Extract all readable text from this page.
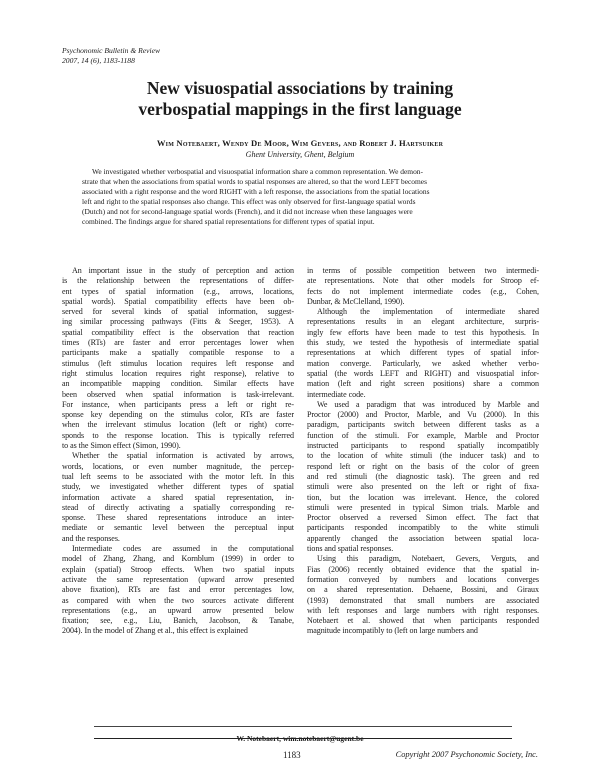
Psychonomic Bulletin & Review
2007, 14 (6), 1183-1188
New visuospatial associations by training
verbospatial mappings in the first language
Wim Notebaert, Wendy De Moor, Wim Gevers, and Robert J. Hartsuiker
Ghent University, Ghent, Belgium
We investigated whether verbospatial and visuospatial information share a common representation. We demon-
strate that when the associations from spatial words to spatial responses are altered, so that the word LEFT becomes
associated with a right response and the word RIGHT with a left response, the associations from the spatial locations
left and right to the spatial responses also change. This effect was only observed for first-language spatial words
(Dutch) and not for second-language spatial words (French), and it did not increase when these languages were
combined. The findings argue for shared spatial representations for different types of spatial input.
An important issue in the study of perception and action
is the relationship between the representations of differ-
ent types of spatial information (e.g., arrows, locations,
spatial words). Spatial compatibility effects have been ob-
served for several kinds of spatial information, suggest-
ing similar processing pathways (Fitts & Seeger, 1953). A
spatial compatibility effect is the observation that reaction
times (RTs) are faster and error percentages lower when
participants make a spatially compatible response to a
stimulus (left stimulus location requires left response and
right stimulus location requires right response), relative to
an incompatible mapping condition. Similar effects have
been observed when spatial information is task-irrelevant.
For instance, when participants press a left or right re-
sponse key depending on the stimulus color, RTs are faster
when the irrelevant stimulus location (left or right) corre-
sponds to the response location. This is typically referred
to as the Simon effect (Simon, 1990).
Whether the spatial information is activated by arrows,
words, locations, or even number magnitude, the percep-
tual left seems to be associated with the motor left. In this
study, we investigated whether different types of spatial
information activate a shared spatial representation, in-
stead of directly activating a spatially corresponding re-
sponse. These shared representations introduce an inter-
mediate or semantic level between the perceptual input
and the responses.
Intermediate codes are assumed in the computational
model of Zhang, Zhang, and Kornblum (1999) in order to
explain (spatial) Stroop effects. When two spatial inputs
activate the same representation (upward arrow presented
above fixation), RTs are fast and error percentages low,
as compared with when the two sources activate different
representations (e.g., an upward arrow presented below
fixation; see, e.g., Liu, Banich, Jacobson, & Tanabe,
2004). In the model of Zhang et al., this effect is explained
in terms of possible competition between two intermedi-
ate representations. Note that other models for Stroop ef-
fects do not implement intermediate codes (e.g., Cohen,
Dunbar, & McClelland, 1990).
Although the implementation of intermediate shared
representations results in an elegant architecture, surpris-
ingly few efforts have been made to test this hypothesis. In
this study, we tested the hypothesis of intermediate spatial
representations at which different types of spatial infor-
mation converge. Particularly, we asked whether verbo-
spatial (the words LEFT and RIGHT) and visuospatial infor-
mation (left and right screen positions) share a common
intermediate code.
We used a paradigm that was introduced by Marble and
Proctor (2000) and Proctor, Marble, and Vu (2000). In this
paradigm, participants switch between different tasks as a
function of the stimuli. For example, Marble and Proctor
instructed participants to respond spatially incompatibly
to the location of white stimuli (the inducer task) and to
respond left or right on the basis of the color of green
and red stimuli (the diagnostic task). The green and red
stimuli were also presented on the left or right of fixa-
tion, but the location was irrelevant. Hence, the colored
stimuli were presented in typical Simon trials. Marble and
Proctor observed a reversed Simon effect. The fact that
participants responded incompatibly to the white stimuli
apparently changed the association between spatial loca-
tions and spatial responses.
Using this paradigm, Notebaert, Gevers, Verguts, and
Fias (2006) recently obtained evidence that the spatial in-
formation conveyed by numbers and locations converges
on a shared representation. Dehaene, Bossini, and Giraux
(1993) demonstrated that small numbers are associated
with left responses and large numbers with right responses.
Notebaert et al. showed that when participants responded
magnitude incompatibly to (left on large numbers and
W. Notebaert, wim.notebaert@ugent.be
1183	Copyright 2007 Psychonomic Society, Inc.
